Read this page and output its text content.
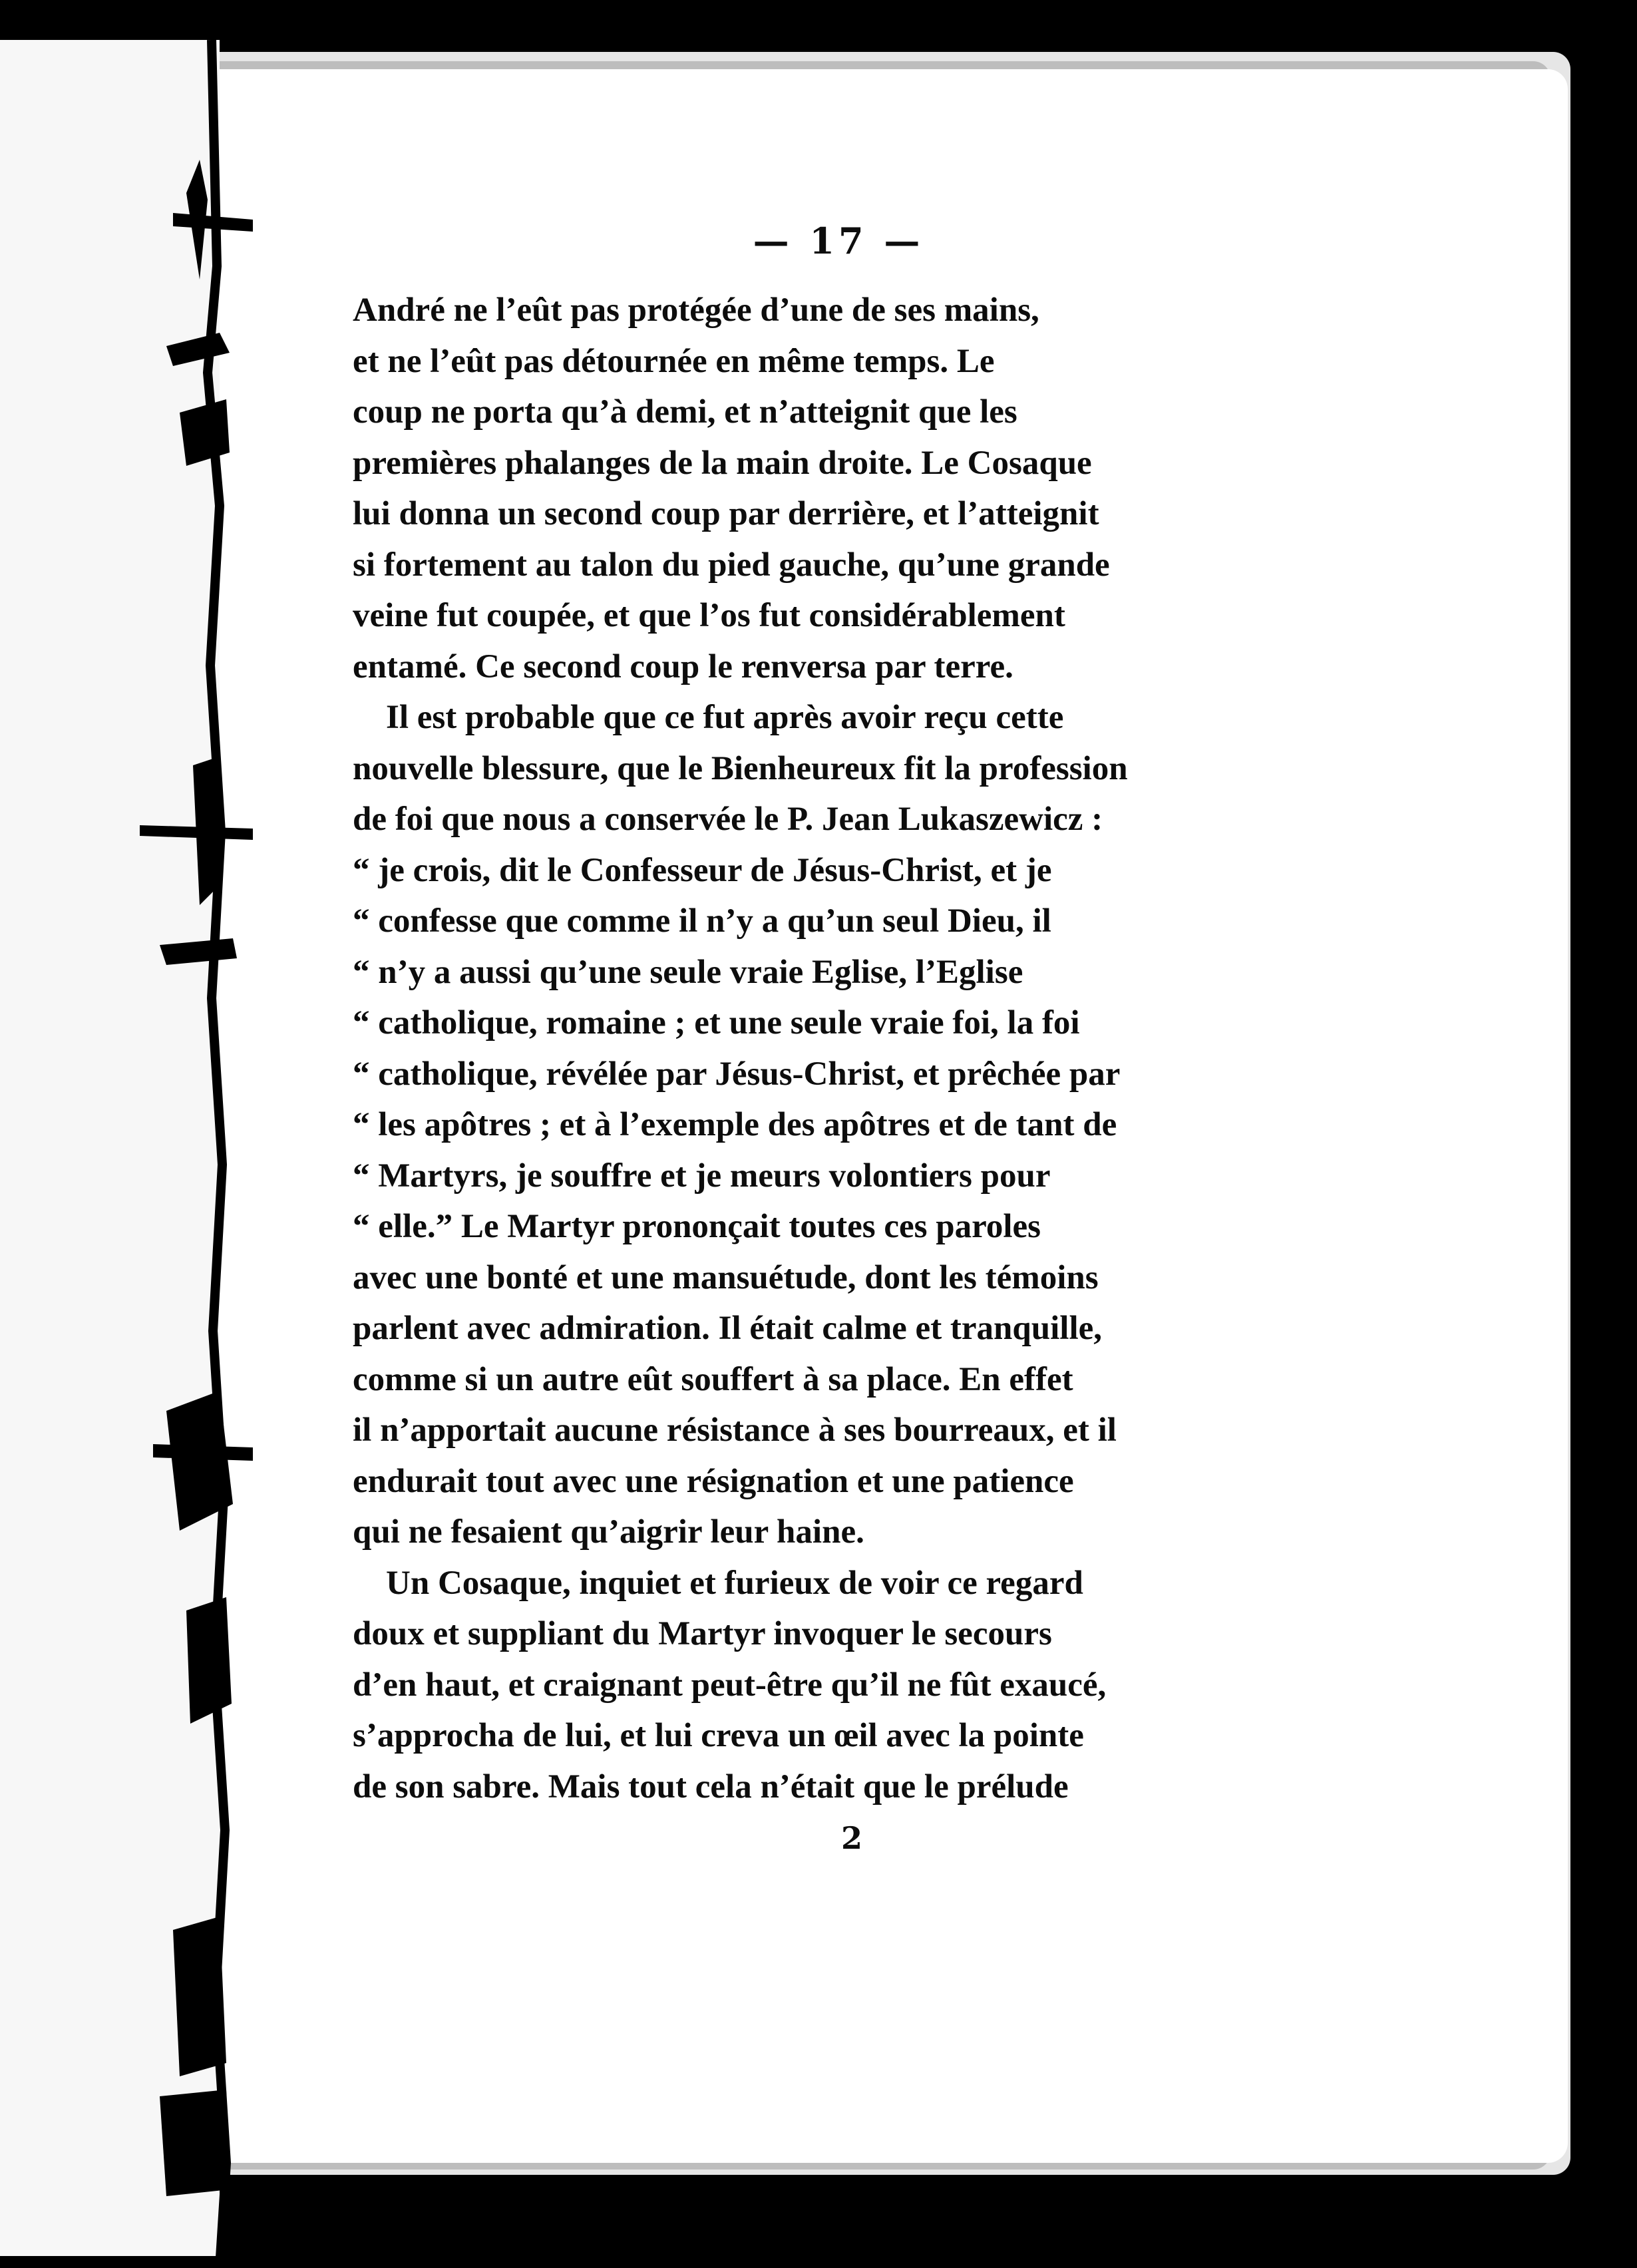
— 17 —

André ne l’eût pas protégée d’une de ses mains,
et ne l’eût pas détournée en même temps. Le
coup ne porta qu’à demi, et n’atteignit que les
premières phalanges de la main droite. Le Cosaque
lui donna un second coup par derrière, et l’atteignit
si fortement au talon du pied gauche, qu’une grande
veine fut coupée, et que l’os fut considérablement
entamé. Ce second coup le renversa par terre.

Il est probable que ce fut après avoir reçu cette
nouvelle blessure, que le Bienheureux fit la profession
de foi que nous a conservée le P. Jean Lukaszewicz :
“ je crois, dit le Confesseur de Jésus-Christ, et je
“ confesse que comme il n’y a qu’un seul Dieu, il
“ n’y a aussi qu’une seule vraie Eglise, l’Eglise
“ catholique, romaine ; et une seule vraie foi, la foi
“ catholique, révélée par Jésus-Christ, et prêchée par
“ les apôtres ; et à l’exemple des apôtres et de tant de
“ Martyrs, je souffre et je meurs volontiers pour
“ elle.” Le Martyr prononçait toutes ces paroles
avec une bonté et une mansuétude, dont les témoins
parlent avec admiration. Il était calme et tranquille,
comme si un autre eût souffert à sa place. En effet
il n’apportait aucune résistance à ses bourreaux, et il
endurait tout avec une résignation et une patience
qui ne fesaient qu’aigrir leur haine.

Un Cosaque, inquiet et furieux de voir ce regard
doux et suppliant du Martyr invoquer le secours
d’en haut, et craignant peut-être qu’il ne fût exaucé,
s’approcha de lui, et lui creva un œil avec la pointe
de son sabre. Mais tout cela n’était que le prélude

2
